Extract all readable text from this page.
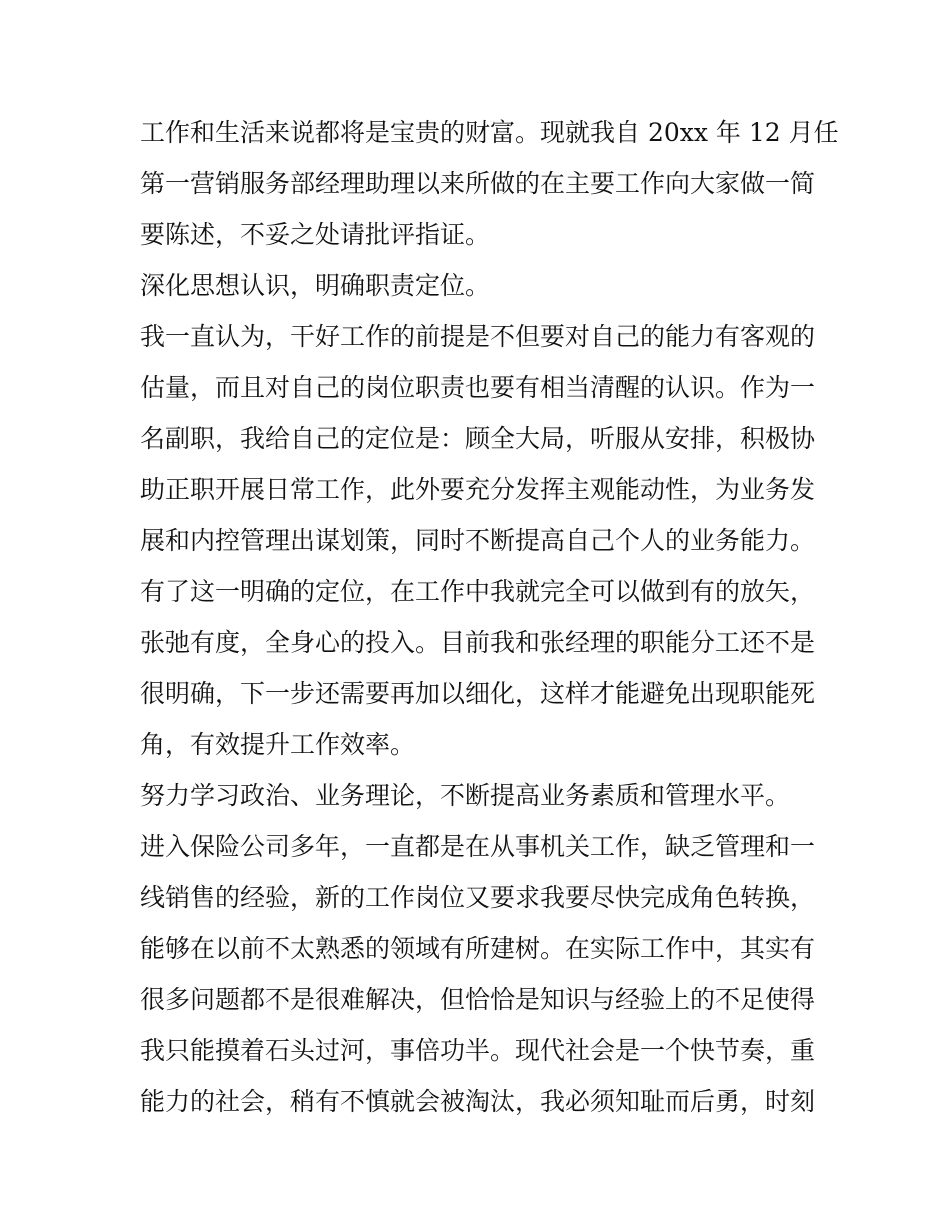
工作和生活来说都将是宝贵的财富。现就我自 20xx 年 12 月任
第一营销服务部经理助理以来所做的在主要工作向大家做一简
要陈述，不妥之处请批评指证。
深化思想认识，明确职责定位。
我一直认为，干好工作的前提是不但要对自己的能力有客观的
估量，而且对自己的岗位职责也要有相当清醒的认识。作为一
名副职，我给自己的定位是：顾全大局，听服从安排，积极协
助正职开展日常工作，此外要充分发挥主观能动性，为业务发
展和内控管理出谋划策，同时不断提高自己个人的业务能力。
有了这一明确的定位，在工作中我就完全可以做到有的放矢，
张弛有度，全身心的投入。目前我和张经理的职能分工还不是
很明确，下一步还需要再加以细化，这样才能避免出现职能死
角，有效提升工作效率。
努力学习政治、业务理论，不断提高业务素质和管理水平。
进入保险公司多年，一直都是在从事机关工作，缺乏管理和一
线销售的经验，新的工作岗位又要求我要尽快完成角色转换，
能够在以前不太熟悉的领域有所建树。在实际工作中，其实有
很多问题都不是很难解决，但恰恰是知识与经验上的不足使得
我只能摸着石头过河，事倍功半。现代社会是一个快节奏，重
能力的社会，稍有不慎就会被淘汰，我必须知耻而后勇，时刻
